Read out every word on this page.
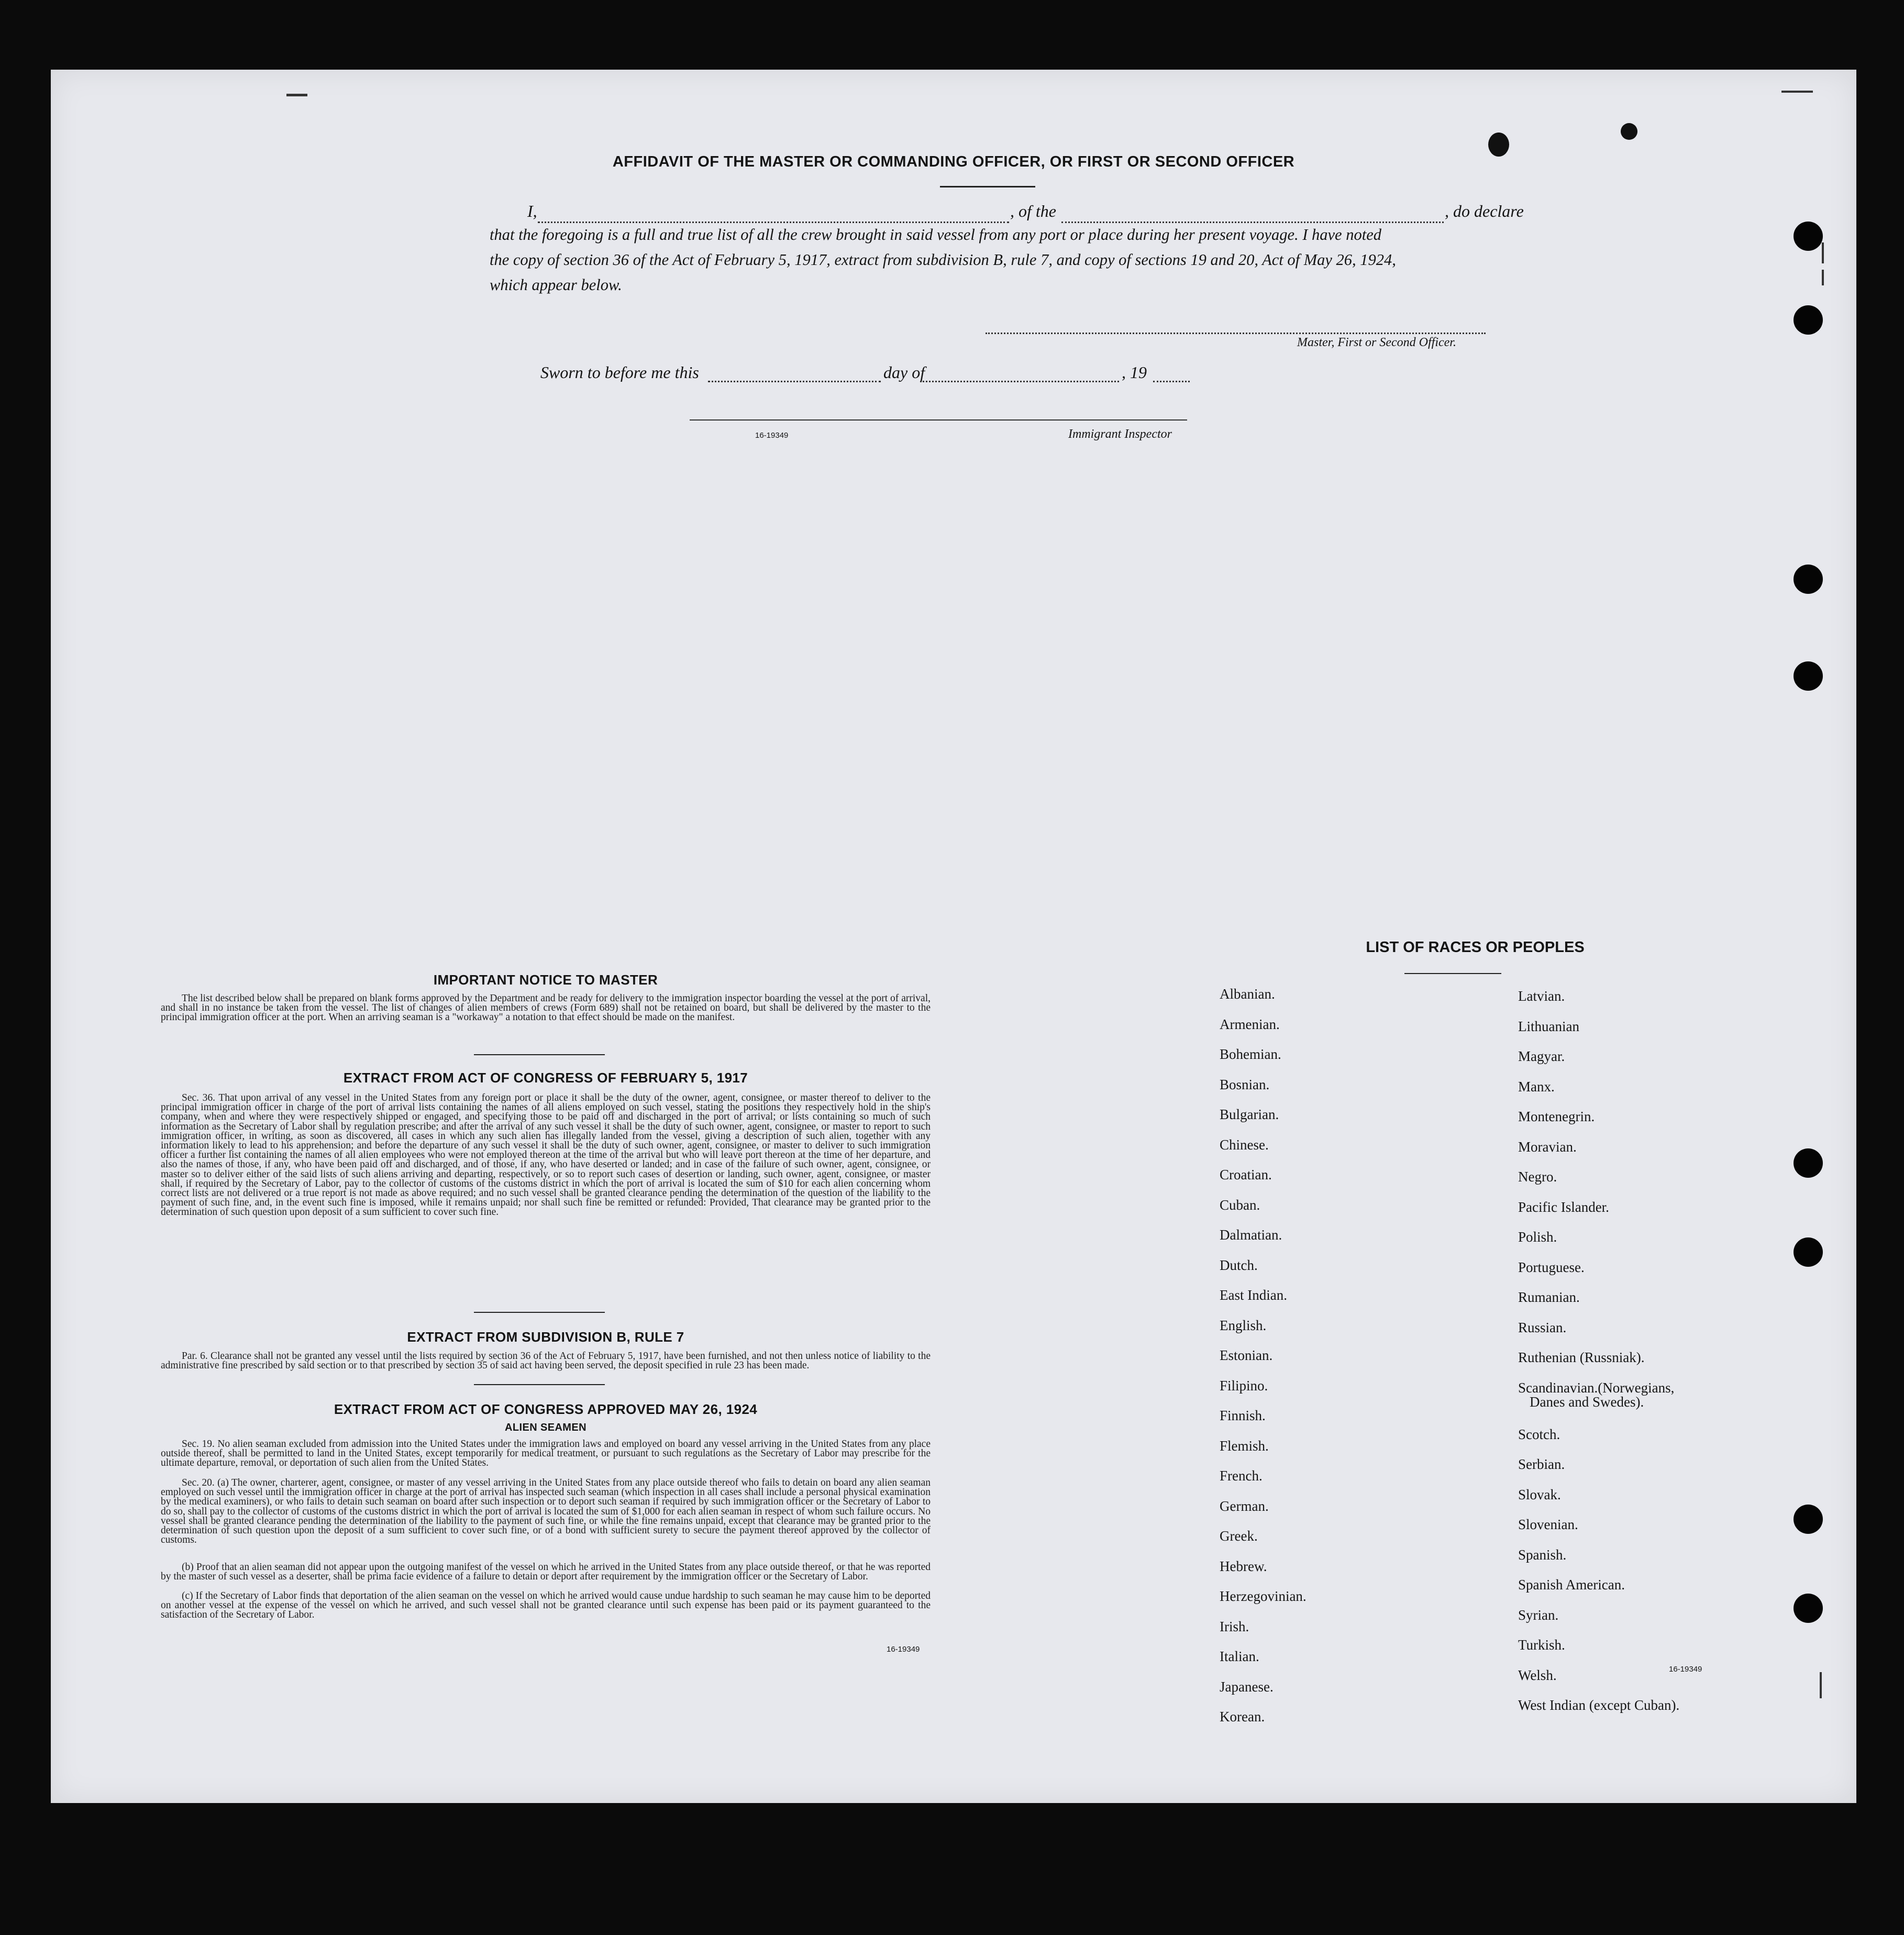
AFFIDAVIT OF THE MASTER OR COMMANDING OFFICER, OR FIRST OR SECOND OFFICER
I,	, of the	, do declare
that the foregoing is a full and true list of all the crew brought in said vessel from any port or place during her present voyage. I have noted
the copy of section 36 of the Act of February 5, 1917, extract from subdivision B, rule 7, and copy of sections 19 and 20, Act of May 26, 1924,
which appear below.
Master, First or Second Officer.
Sworn to before me this	day of	, 19
16-19349	Immigrant Inspector
IMPORTANT NOTICE TO MASTER
The list described below shall be prepared on blank forms approved by the Department and be ready for delivery to the immigration inspector boarding the vessel at the port of arrival, and shall in no instance be taken from the vessel. The list of changes of alien members of crews (Form 689) shall not be retained on board, but shall be delivered by the master to the principal immigration officer at the port. When an arriving seaman is a "workaway" a notation to that effect should be made on the manifest.
EXTRACT FROM ACT OF CONGRESS OF FEBRUARY 5, 1917
Sec. 36. That upon arrival of any vessel in the United States from any foreign port or place it shall be the duty of the owner, agent, consignee, or master thereof to deliver to the principal immigration officer in charge of the port of arrival lists containing the names of all aliens employed on such vessel, stating the positions they respectively hold in the ship's company, when and where they were respectively shipped or engaged, and specifying those to be paid off and discharged in the port of arrival; or lists containing so much of such information as the Secretary of Labor shall by regulation prescribe; and after the arrival of any such vessel it shall be the duty of such owner, agent, consignee, or master to report to such immigration officer, in writing, as soon as discovered, all cases in which any such alien has illegally landed from the vessel, giving a description of such alien, together with any information likely to lead to his apprehension; and before the departure of any such vessel it shall be the duty of such owner, agent, consignee, or master to deliver to such immigration officer a further list containing the names of all alien employees who were not employed thereon at the time of the arrival but who will leave port thereon at the time of her departure, and also the names of those, if any, who have been paid off and discharged, and of those, if any, who have deserted or landed; and in case of the failure of such owner, agent, consignee, or master so to deliver either of the said lists of such aliens arriving and departing, respectively, or so to report such cases of desertion or landing, such owner, agent, consignee, or master shall, if required by the Secretary of Labor, pay to the collector of customs of the customs district in which the port of arrival is located the sum of $10 for each alien concerning whom correct lists are not delivered or a true report is not made as above required; and no such vessel shall be granted clearance pending the determination of the question of the liability to the payment of such fine, and, in the event such fine is imposed, while it remains unpaid; nor shall such fine be remitted or refunded: Provided, That clearance may be granted prior to the determination of such question upon deposit of a sum sufficient to cover such fine.
EXTRACT FROM SUBDIVISION B, RULE 7
Par. 6. Clearance shall not be granted any vessel until the lists required by section 36 of the Act of February 5, 1917, have been furnished, and not then unless notice of liability to the administrative fine prescribed by said section or to that prescribed by section 35 of said act having been served, the deposit specified in rule 23 has been made.
EXTRACT FROM ACT OF CONGRESS APPROVED MAY 26, 1924
ALIEN SEAMEN
Sec. 19. No alien seaman excluded from admission into the United States under the immigration laws and employed on board any vessel arriving in the United States from any place outside thereof, shall be permitted to land in the United States, except temporarily for medical treatment, or pursuant to such regulations as the Secretary of Labor may prescribe for the ultimate departure, removal, or deportation of such alien from the United States.
Sec. 20. (a) The owner, charterer, agent, consignee, or master of any vessel arriving in the United States from any place outside thereof who fails to detain on board any alien seaman employed on such vessel until the immigration officer in charge at the port of arrival has inspected such seaman (which inspection in all cases shall include a personal physical examination by the medical examiners), or who fails to detain such seaman on board after such inspection or to deport such seaman if required by such immigration officer or the Secretary of Labor to do so, shall pay to the collector of customs of the customs district in which the port of arrival is located the sum of $1,000 for each alien seaman in respect of whom such failure occurs. No vessel shall be granted clearance pending the determination of the liability to the payment of such fine, or while the fine remains unpaid, except that clearance may be granted prior to the determination of such question upon the deposit of a sum sufficient to cover such fine, or of a bond with sufficient surety to secure the payment thereof approved by the collector of customs.
(b) Proof that an alien seaman did not appear upon the outgoing manifest of the vessel on which he arrived in the United States from any place outside thereof, or that he was reported by the master of such vessel as a deserter, shall be prima facie evidence of a failure to detain or deport after requirement by the immigration officer or the Secretary of Labor.
(c) If the Secretary of Labor finds that deportation of the alien seaman on the vessel on which he arrived would cause undue hardship to such seaman he may cause him to be deported on another vessel at the expense of the vessel on which he arrived, and such vessel shall not be granted clearance until such expense has been paid or its payment guaranteed to the satisfaction of the Secretary of Labor.
16-19349
LIST OF RACES OR PEOPLES
16-19349
Albanian.
Armenian.
Bohemian.
Bosnian.
Bulgarian.
Chinese.
Croatian.
Cuban.
Dalmatian.
Dutch.
East Indian.
English.
Estonian.
Filipino.
Finnish.
Flemish.
French.
German.
Greek.
Hebrew.
Herzegovinian.
Irish.
Italian.
Japanese.
Korean.
Latvian.
Lithuanian
Magyar.
Manx.
Montenegrin.
Moravian.
Negro.
Pacific Islander.
Polish.
Portuguese.
Rumanian.
Russian.
Ruthenian (Russniak).
Scandinavian.(Norwegians,
Danes and Swedes).
Scotch.
Serbian.
Slovak.
Slovenian.
Spanish.
Spanish American.
Syrian.
Turkish.
Welsh.
West Indian (except Cuban).
